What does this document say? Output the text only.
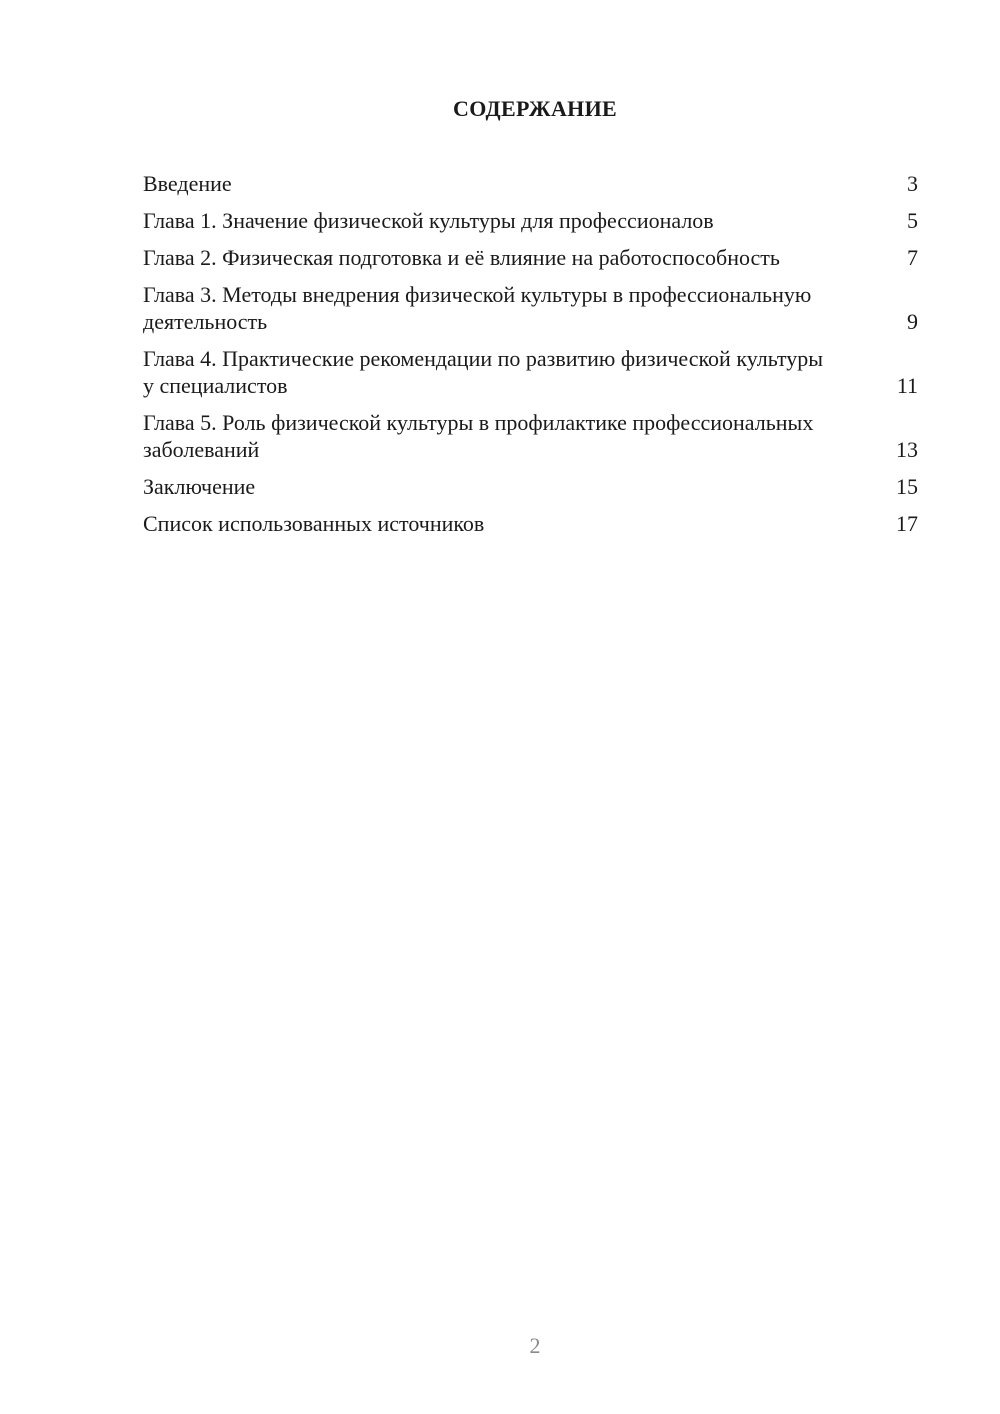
СОДЕРЖАНИЕ
Введение	3
Глава 1. Значение физической культуры для профессионалов	5
Глава 2. Физическая подготовка и её влияние на работоспособность	7
Глава 3. Методы внедрения физической культуры в профессиональную деятельность	9
Глава 4. Практические рекомендации по развитию физической культуры у специалистов	11
Глава 5. Роль физической культуры в профилактике профессиональных заболеваний	13
Заключение	15
Список использованных источников	17
2
